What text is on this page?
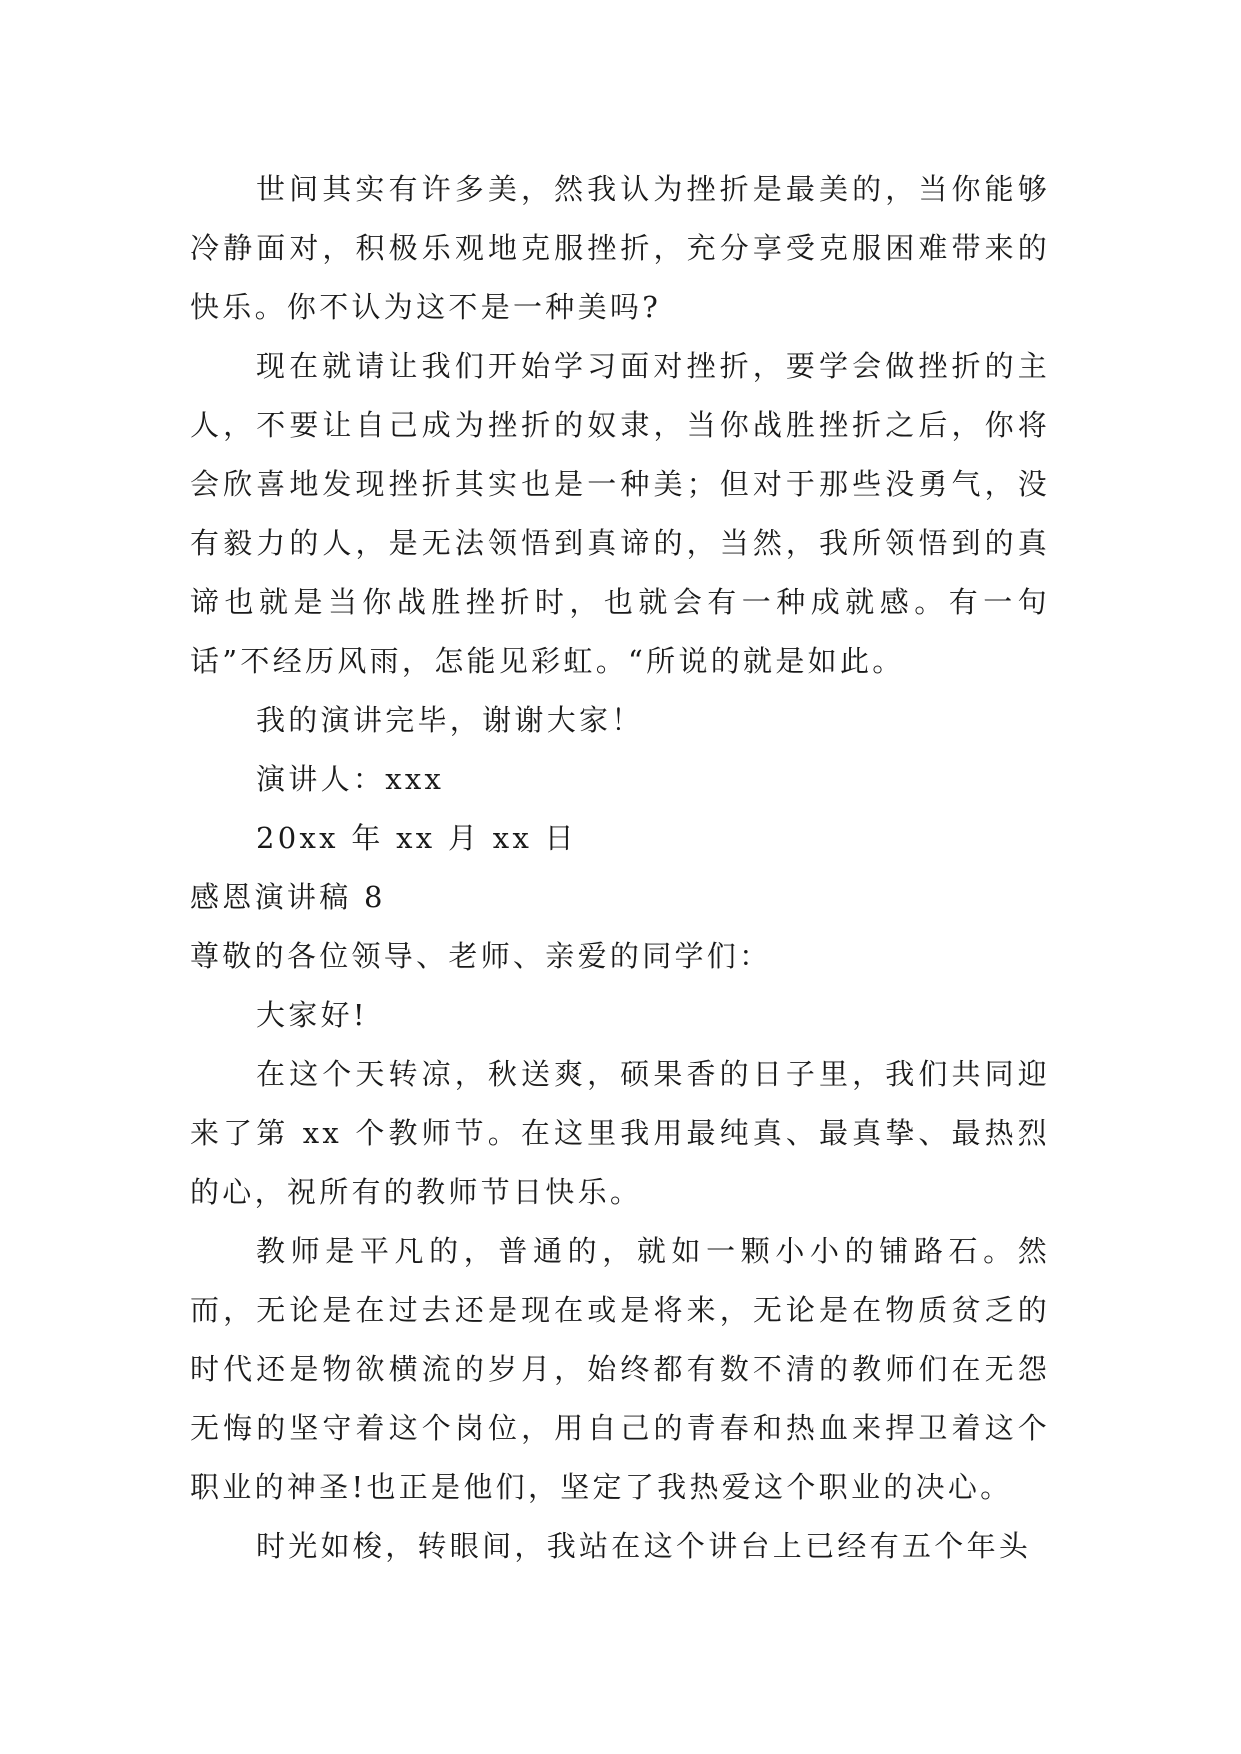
世间其实有许多美，然我认为挫折是最美的，当你能够冷静面对，积极乐观地克服挫折，充分享受克服困难带来的快乐。你不认为这不是一种美吗?

现在就请让我们开始学习面对挫折，要学会做挫折的主人，不要让自己成为挫折的奴隶，当你战胜挫折之后，你将会欣喜地发现挫折其实也是一种美；但对于那些没勇气，没有毅力的人，是无法领悟到真谛的，当然，我所领悟到的真谛也就是当你战胜挫折时，也就会有一种成就感。有一句话”不经历风雨，怎能见彩虹。“所说的就是如此。

我的演讲完毕，谢谢大家！

演讲人：xxx

20xx 年 xx 月 xx 日

感恩演讲稿 8

尊敬的各位领导、老师、亲爱的同学们：

大家好!

在这个天转凉，秋送爽，硕果香的日子里，我们共同迎来了第 xx 个教师节。在这里我用最纯真、最真挚、最热烈的心，祝所有的教师节日快乐。

教师是平凡的，普通的，就如一颗小小的铺路石。然而，无论是在过去还是现在或是将来，无论是在物质贫乏的时代还是物欲横流的岁月，始终都有数不清的教师们在无怨无悔的坚守着这个岗位，用自己的青春和热血来捍卫着这个职业的神圣!也正是他们，坚定了我热爱这个职业的决心。

时光如梭，转眼间，我站在这个讲台上已经有五个年头
